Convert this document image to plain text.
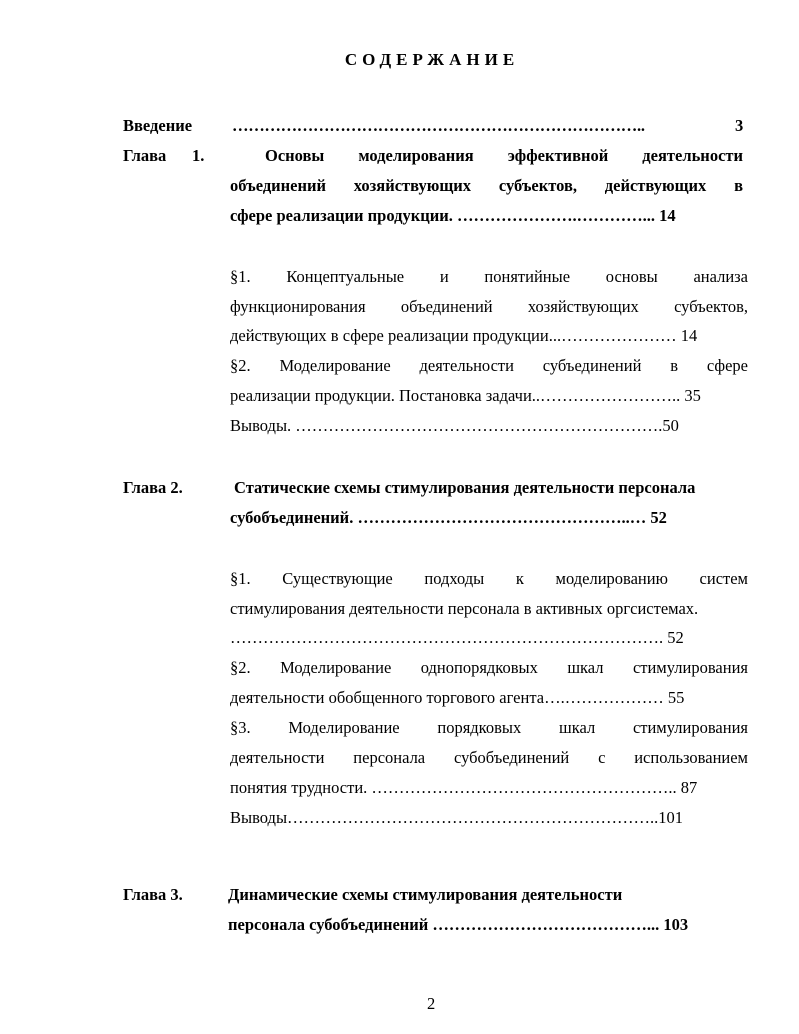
СОДЕРЖАНИЕ
Введение …………………………………………………………………..	3
Глава 1.	Основы моделирования эффективной деятельности
объединений хозяйствующих субъектов, действующих в
сфере реализации продукции. ………………….…………... 14
§1. Концептуальные и понятийные основы анализа
функционирования объединений хозяйствующих субъектов,
действующих в сфере реализации продукции...………………… 14
§2. Моделирование деятельности субъединений в сфере
реализации продукции. Постановка задачи..…………………….. 35
Выводы. ………………………………………………………….50
Глава 2.	Статические схемы стимулирования деятельности персонала
субобъединений. …………………………………………..… 52
§1. Существующие подходы к моделированию систем
стимулирования деятельности персонала в активных оргсистемах.
……………………………………………………………………. 52
§2. Моделирование однопорядковых шкал стимулирования
деятельности обобщенного торгового агента….……………… 55
§3. Моделирование порядковых шкал стимулирования
деятельности персонала субобъединений с использованием
понятия трудности. ……………………………………………….. 87
Выводы…………………………………………………………..101
Глава 3.	Динамические схемы стимулирования деятельности
персонала субобъединений …………………………………... 103
2
